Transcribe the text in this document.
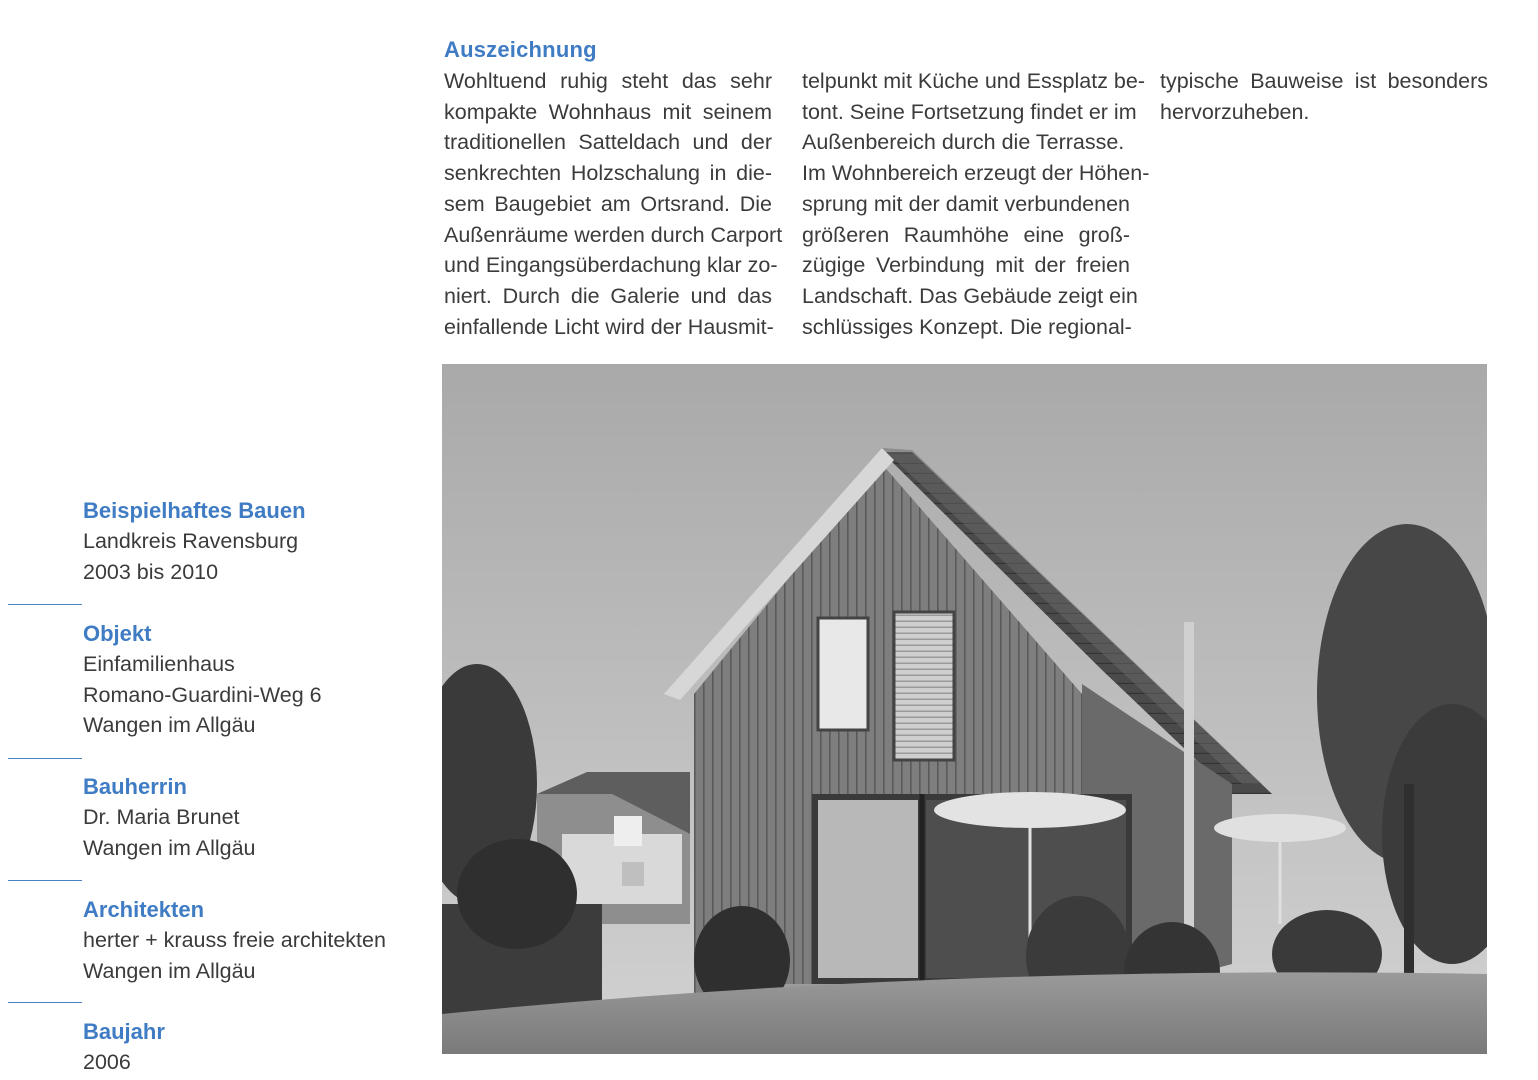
Auszeichnung
Wohltuend ruhig steht das sehr
kompakte Wohnhaus mit seinem
traditionellen Satteldach und der
senkrechten Holzschalung in die-
sem Baugebiet am Ortsrand. Die
Außenräume werden durch Carport
und Eingangsüberdachung klar zo-
niert. Durch die Galerie und das
einfallende Licht wird der Hausmit-
telpunkt mit Küche und Essplatz be-
tont. Seine Fortsetzung findet er im
Außenbereich durch die Terrasse.
Im Wohnbereich erzeugt der Höhen-
sprung mit der damit verbundenen
größeren Raumhöhe eine groß-
zügige Verbindung mit der freien
Landschaft. Das Gebäude zeigt ein
schlüssiges Konzept. Die regional-
typische Bauweise ist besonders
hervorzuheben.
Beispielhaftes Bauen
Landkreis Ravensburg
2003 bis 2010
Objekt
Einfamilienhaus
Romano-Guardini-Weg 6
Wangen im Allgäu
Bauherrin
Dr. Maria Brunet
Wangen im Allgäu
Architekten
herter + krauss freie architekten
Wangen im Allgäu
Baujahr
2006
